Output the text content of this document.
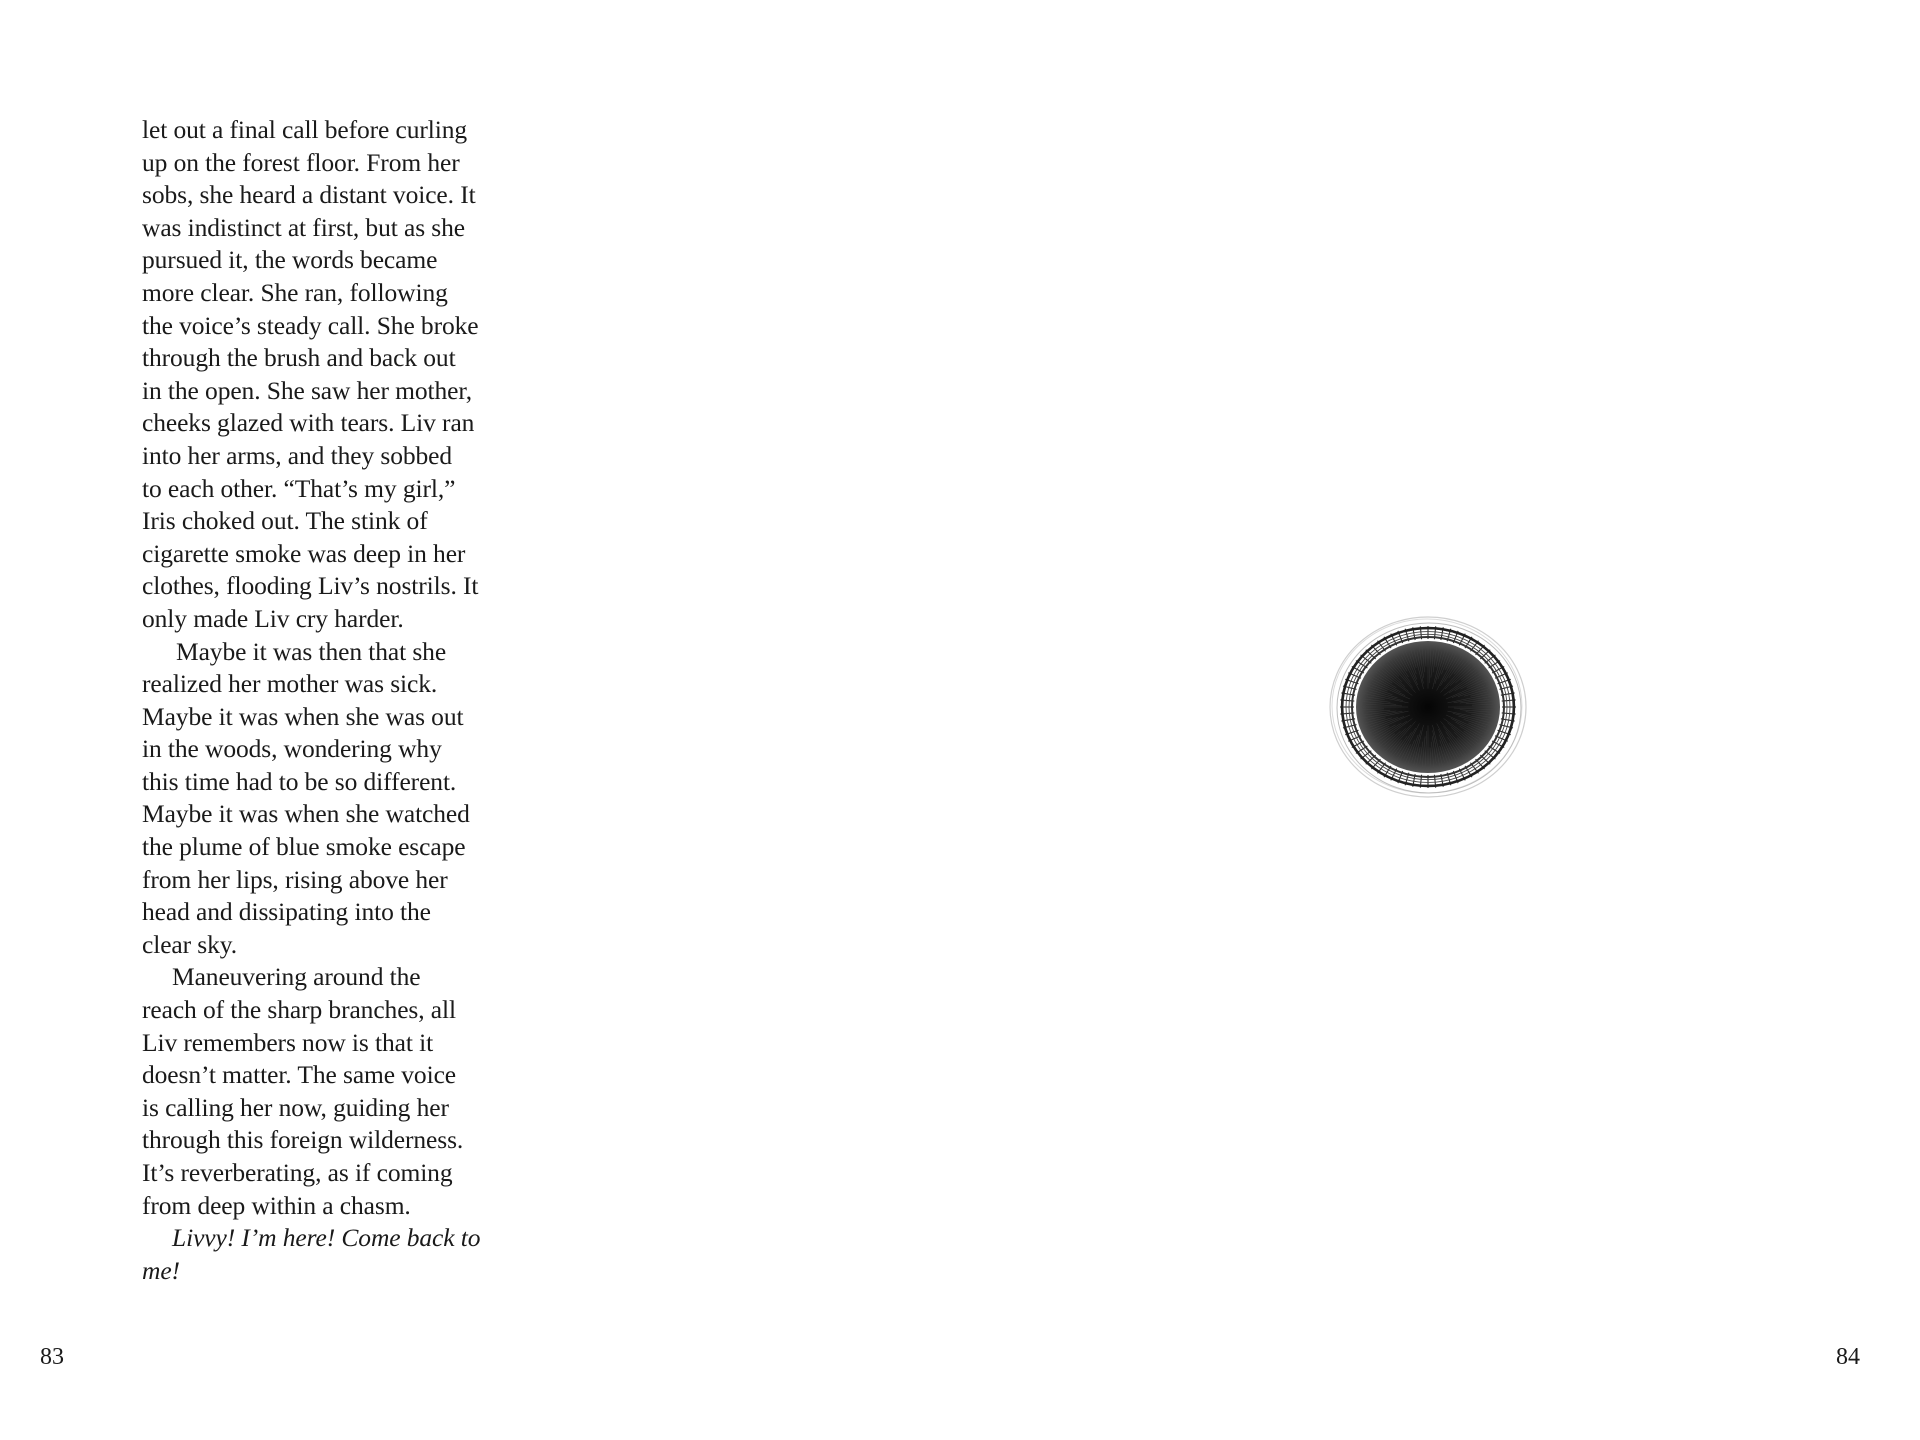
let out a final call before curling
up on the forest floor. From her
sobs, she heard a distant voice. It
was indistinct at first, but as she
pursued it, the words became
more clear. She ran, following
the voice’s steady call. She broke
through the brush and back out
in the open. She saw her mother,
cheeks glazed with tears. Liv ran
into her arms, and they sobbed
to each other. “That’s my girl,”
Iris choked out. The stink of
cigarette smoke was deep in her
clothes, flooding Liv’s nostrils. It
only made Liv cry harder.
Maybe it was then that she
realized her mother was sick.
Maybe it was when she was out
in the woods, wondering why
this time had to be so different.
Maybe it was when she watched
the plume of blue smoke escape
from her lips, rising above her
head and dissipating into the
clear sky.
Maneuvering around the
reach of the sharp branches, all
Liv remembers now is that it
doesn’t matter. The same voice
is calling her now, guiding her
through this foreign wilderness.
It’s reverberating, as if coming
from deep within a chasm.
Livvy! I’m here! Come back to
me!
83	84
